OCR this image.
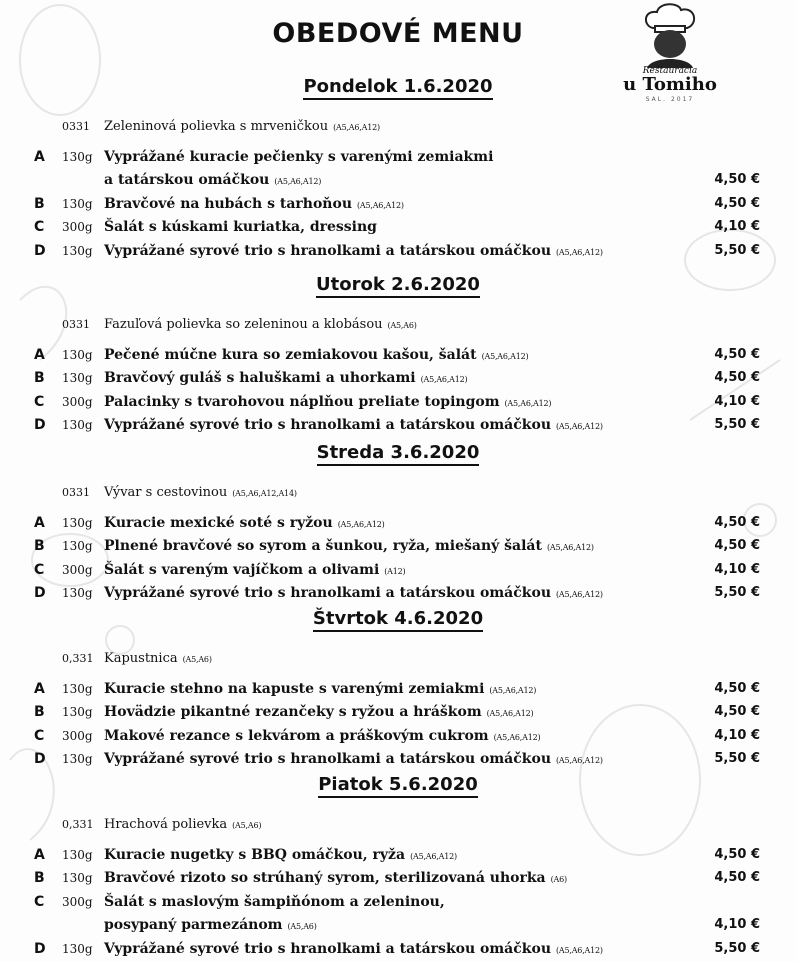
OBEDOVÉ MENU
Reštaurácia
u Tomiho
SAL. 2017
Pondelok 1.6.2020
0331 Zeleninová polievka s mrveničkou (A5,A6,A12)
A 130g Vyprážané kuracie pečienky s varenými zemiakmi
a tatárskou omáčkou (A5,A6,A12)	4,50 €
B 130g Bravčové na hubách s tarhoňou (A5,A6,A12)	4,50 €
C 300g Šalát s kúskami kuriatka, dressing	4,10 €
D 130g Vyprážané syrové trio s hranolkami a tatárskou omáčkou (A5,A6,A12)	5,50 €
Utorok 2.6.2020
0331 Fazuľová polievka so zeleninou a klobásou (A5,A6)
A 130g Pečené múčne kura so zemiakovou kašou, šalát (A5,A6,A12)	4,50 €
B 130g Bravčový guláš s haluškami a uhorkami (A5,A6,A12)	4,50 €
C 300g Palacinky s tvarohovou náplňou preliate topingom (A5,A6,A12)	4,10 €
D 130g Vyprážané syrové trio s hranolkami a tatárskou omáčkou (A5,A6,A12)	5,50 €
Streda 3.6.2020
0331 Vývar s cestovinou (A5,A6,A12,A14)
A 130g Kuracie mexické soté s ryžou (A5,A6,A12)	4,50 €
B 130g Plnené bravčové so syrom a šunkou, ryža, miešaný šalát (A5,A6,A12)	4,50 €
C 300g Šalát s vareným vajíčkom a olivami (A12)	4,10 €
D 130g Vyprážané syrové trio s hranolkami a tatárskou omáčkou (A5,A6,A12)	5,50 €
Štvrtok 4.6.2020
0,331 Kapustnica (A5,A6)
A 130g Kuracie stehno na kapuste s varenými zemiakmi (A5,A6,A12)	4,50 €
B 130g Hovädzie pikantné rezančeky s ryžou a hráškom (A5,A6,A12)	4,50 €
C 300g Makové rezance s lekvárom a práškovým cukrom (A5,A6,A12)	4,10 €
D 130g Vyprážané syrové trio s hranolkami a tatárskou omáčkou (A5,A6,A12)	5,50 €
Piatok 5.6.2020
0,331 Hrachová polievka (A5,A6)
A 130g Kuracie nugetky s BBQ omáčkou, ryža (A5,A6,A12)	4,50 €
B 130g Bravčové rizoto so strúhaný syrom, sterilizovaná uhorka (A6)	4,50 €
C 300g Šalát s maslovým šampiňónom a zeleninou,
posypaný parmezánom (A5,A6)	4,10 €
D 130g Vyprážané syrové trio s hranolkami a tatárskou omáčkou (A5,A6,A12)	5,50 €
